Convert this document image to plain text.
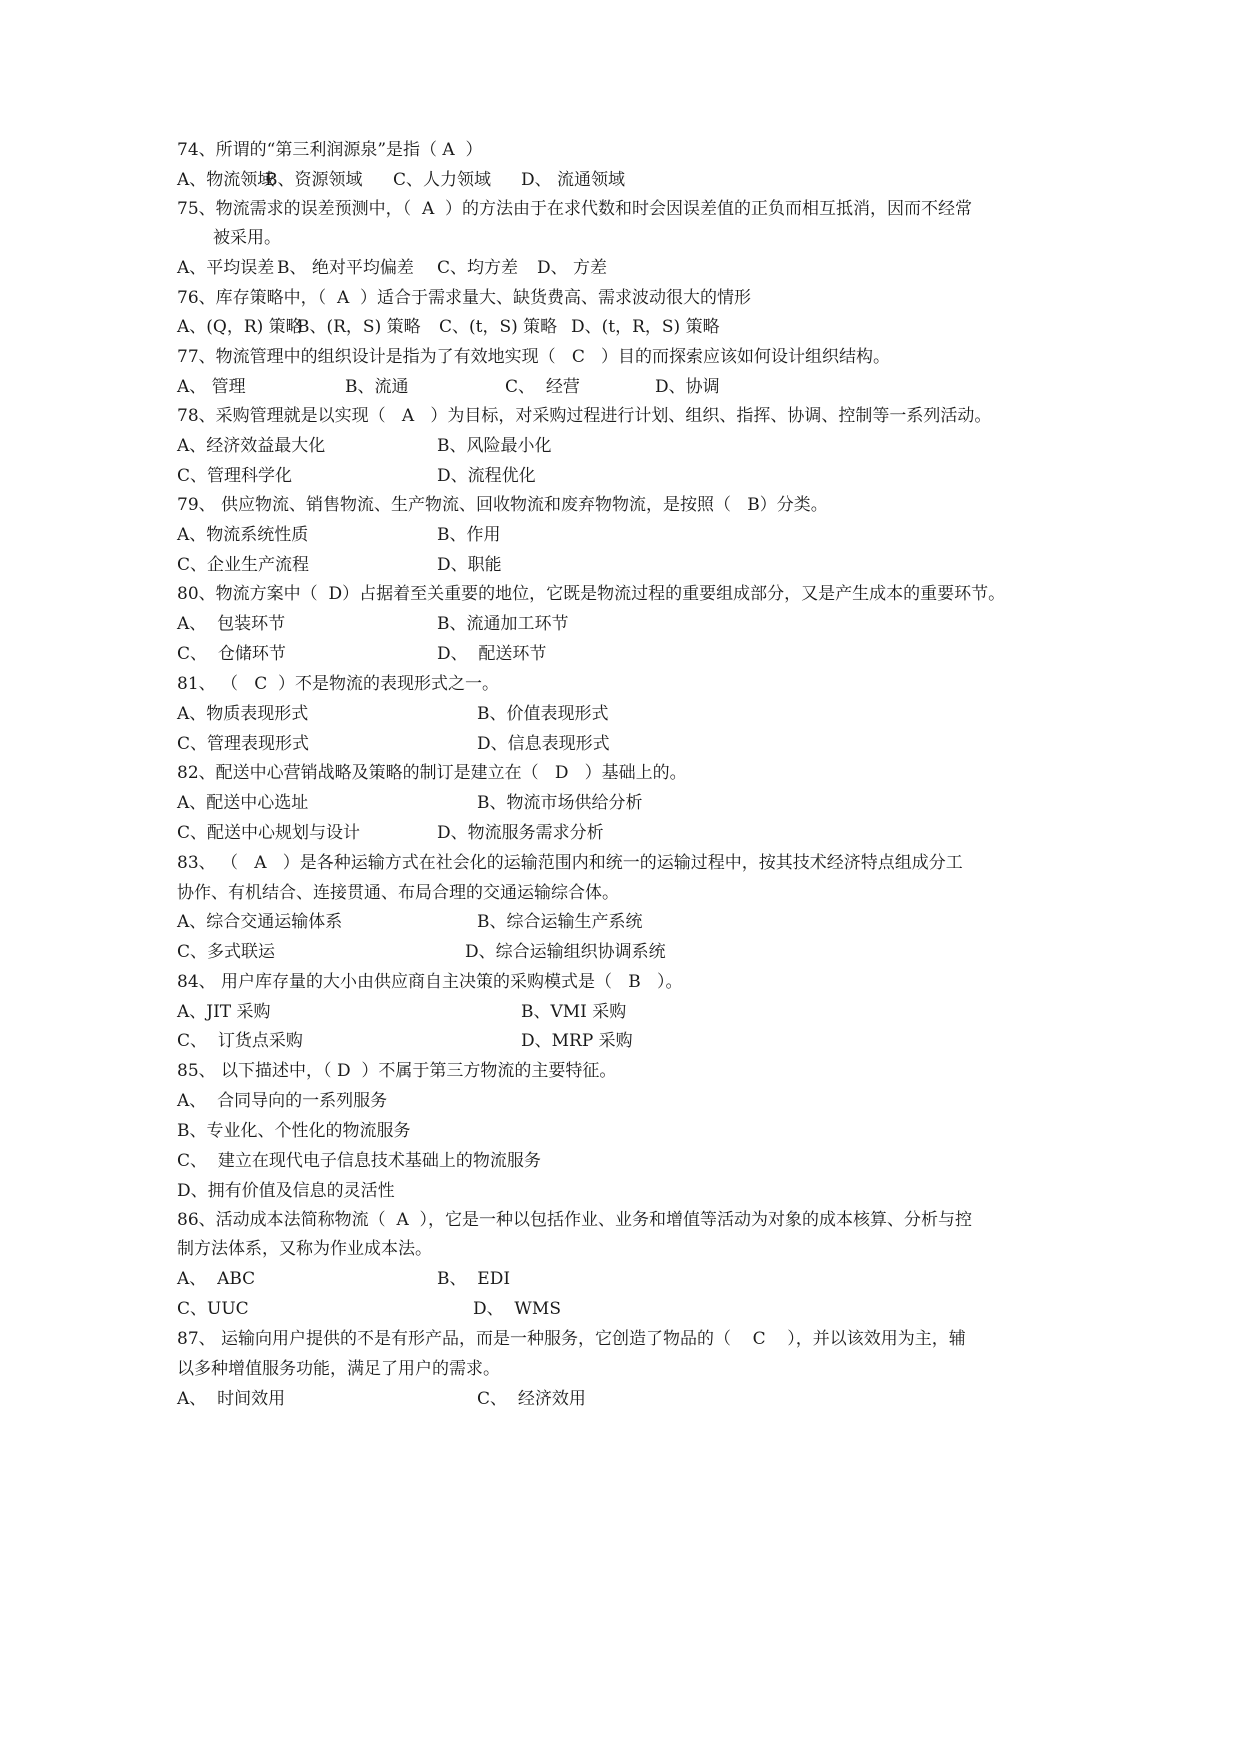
74、所谓的“第三利润源泉”是指（ A  ）
A、物流领域B、资源领域 C、人力领域 D、 流通领域
75、物流需求的误差预测中，（  A  ）的方法由于在求代数和时会因误差值的正负而相互抵消，因而不经常
被采用。
A、平均误差 B、 绝对平均偏差 C、均方差 D、 方差
76、库存策略中，（  A  ）适合于需求量大、缺货费高、需求波动很大的情形
A、(Q，R) 策略B、(R，S) 策略 C、(t，S) 策略 D、(t，R，S) 策略
77、物流管理中的组织设计是指为了有效地实现（   C   ）目的而探索应该如何设计组织结构。
A、 管理	B、流通	C、  经营	D、协调
78、采购管理就是以实现（   A   ）为目标，对采购过程进行计划、组织、指挥、协调、控制等一系列活动。
A、经济效益最大化	B、风险最小化
C、管理科学化	D、流程优化
79、 供应物流、销售物流、生产物流、回收物流和废弃物物流，是按照（   B）分类。
A、物流系统性质	B、作用
C、企业生产流程	D、职能
80、物流方案中（  D）占据着至关重要的地位，它既是物流过程的重要组成部分，又是产生成本的重要环节。
A、  包装环节	B、流通加工环节
C、  仓储环节	D、  配送环节
81、 （   C  ）不是物流的表现形式之一。
A、物质表现形式	B、价值表现形式
C、管理表现形式	D、信息表现形式
82、配送中心营销战略及策略的制订是建立在（   D   ）基础上的。
A、配送中心选址	B、物流市场供给分析
C、配送中心规划与设计	D、物流服务需求分析
83、 （   A   ）是各种运输方式在社会化的运输范围内和统一的运输过程中，按其技术经济特点组成分工
协作、有机结合、连接贯通、布局合理的交通运输综合体。
A、综合交通运输体系	B、综合运输生产系统
C、多式联运	D、综合运输组织协调系统
84、 用户库存量的大小由供应商自主决策的采购模式是（   B   ）。
A、JIT 采购	B、VMI 采购
C、  订货点采购	D、MRP 采购
85、 以下描述中，（ D  ）不属于第三方物流的主要特征。
A、  合同导向的一系列服务
B、专业化、个性化的物流服务
C、  建立在现代电子信息技术基础上的物流服务
D、拥有价值及信息的灵活性
86、活动成本法简称物流（  A  ），它是一种以包括作业、业务和增值等活动为对象的成本核算、分析与控
制方法体系，又称为作业成本法。
A、  ABC	B、  EDI
C、UUC	D、  WMS
87、 运输向用户提供的不是有形产品，而是一种服务，它创造了物品的（    C    ），并以该效用为主，辅
以多种增值服务功能，满足了用户的需求。
A、  时间效用	C、  经济效用
